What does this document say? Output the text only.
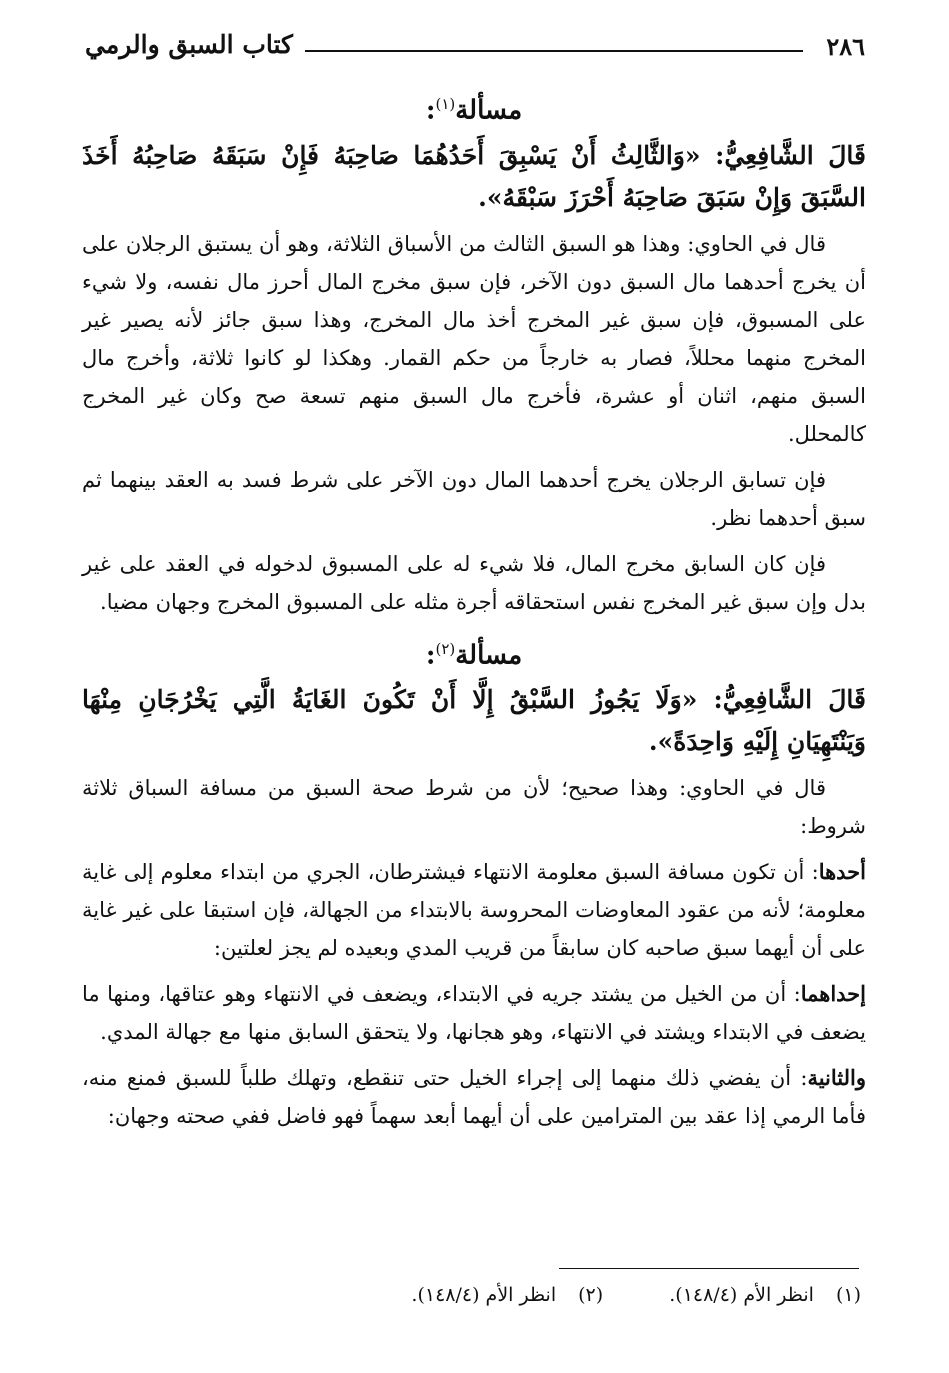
٢٨٦
كتاب السبق والرمي
مسألة$^{(١)}$:

قَالَ الشَّافِعِيُّ: «وَالثَّالِثُ أَنْ يَسْبِقَ أَحَدُهُمَا صَاحِبَهُ فَإِنْ سَبَقَهُ صَاحِبُهُ أَخَذَ السَّبَقَ وَإِنْ سَبَقَ صَاحِبَهُ أَحْرَزَ سَبْقَهُ».

قال في الحاوي: وهذا هو السبق الثالث من الأسباق الثلاثة، وهو أن يستبق الرجلان على أن يخرج أحدهما مال السبق دون الآخر، فإن سبق مخرج المال أحرز مال نفسه، ولا شيء على المسبوق، فإن سبق غير المخرج أخذ مال المخرج، وهذا سبق جائز لأنه يصير غير المخرج منهما محللاً، فصار به خارجاً من حكم القمار. وهكذا لو كانوا ثلاثة، وأخرج مال السبق منهم، اثنان أو عشرة، فأخرج مال السبق منهم تسعة صح وكان غير المخرج كالمحلل.

فإن تسابق الرجلان يخرج أحدهما المال دون الآخر على شرط فسد به العقد بينهما ثم سبق أحدهما نظر.

فإن كان السابق مخرج المال، فلا شيء له على المسبوق لدخوله في العقد على غير بدل وإن سبق غير المخرج نفس استحقاقه أجرة مثله على المسبوق المخرج وجهان مضيا.

مسألة$^{(٢)}$:

قَالَ الشَّافِعِيُّ: «وَلَا يَجُوزُ السَّبْقُ إِلَّا أَنْ تَكُونَ الغَايَةُ الَّتِي يَخْرُجَانِ مِنْهَا وَيَنْتَهِيَانِ إِلَيْهِ وَاحِدَةً».

قال في الحاوي: وهذا صحيح؛ لأن من شرط صحة السبق من مسافة السباق ثلاثة شروط:

أحدها: أن تكون مسافة السبق معلومة الانتهاء فيشترطان، الجري من ابتداء معلوم إلى غاية معلومة؛ لأنه من عقود المعاوضات المحروسة بالابتداء من الجهالة، فإن استبقا على غير غاية على أن أيهما سبق صاحبه كان سابقاً من قريب المدي وبعيده لم يجز لعلتين:

إحداهما: أن من الخيل من يشتد جريه في الابتداء، ويضعف في الانتهاء وهو عتاقها، ومنها ما يضعف في الابتداء ويشتد في الانتهاء، وهو هجانها، ولا يتحقق السابق منها مع جهالة المدي.

والثانية: أن يفضي ذلك منهما إلى إجراء الخيل حتى تنقطع، وتهلك طلباً للسبق فمنع منه، فأما الرمي إذا عقد بين المترامين على أن أيهما أبعد سهماً فهو فاضل ففي صحته وجهان:

(١)انظر الأم (١٤٨/٤). (٢)انظر الأم (١٤٨/٤).
